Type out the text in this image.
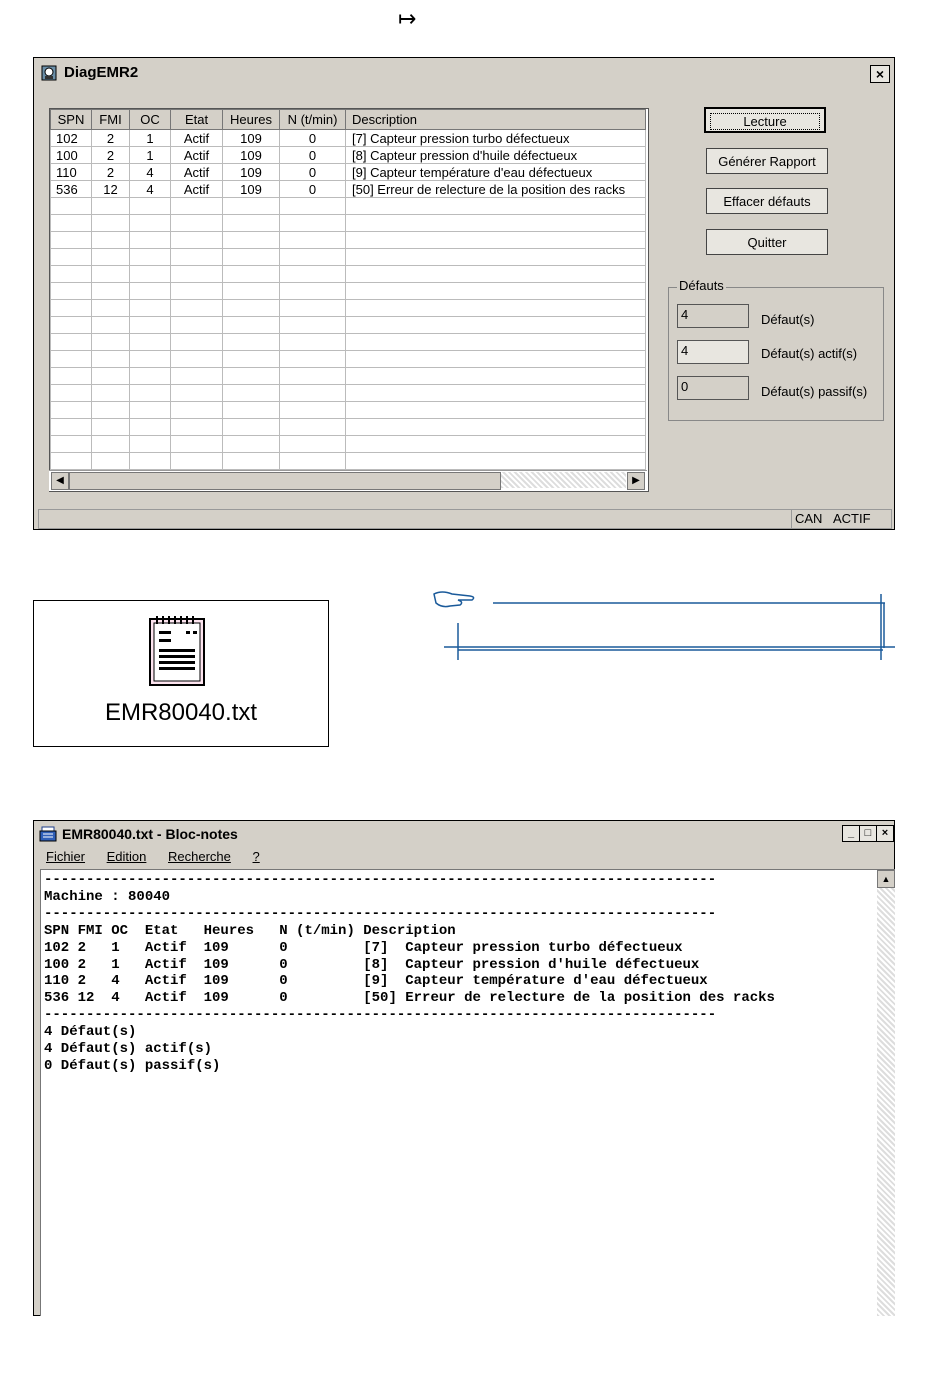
↦
DiagEMR2	×
SPN	FMI	OC	Etat	Heures	N (t/min)	Description
102	2	1	Actif	109	0	[7] Capteur pression turbo défectueux
100	2	1	Actif	109	0	[8] Capteur pression d'huile défectueux
110	2	4	Actif	109	0	[9] Capteur température d'eau défectueux
536	12	4	Actif	109	0	[50] Erreur de relecture de la position des racks

◀	▶
Lecture
Générer Rapport
Effacer défauts
Quitter
Défauts
4	Défaut(s)
4	Défaut(s) actif(s)
0	Défaut(s) passif(s)
CAN ACTIF
EMR80040.txt
EMR80040.txt - Bloc-notes	_ □ ×
Fichier Edition Recherche ?
--------------------------------------------------------------------------------
Machine : 80040
--------------------------------------------------------------------------------
SPN FMI OC  Etat   Heures   N (t/min) Description
102 2   1   Actif  109      0         [7]  Capteur pression turbo défectueux
100 2   1   Actif  109      0         [8]  Capteur pression d'huile défectueux
110 2   4   Actif  109      0         [9]  Capteur température d'eau défectueux
536 12  4   Actif  109      0         [50] Erreur de relecture de la position des racks
--------------------------------------------------------------------------------
4 Défaut(s)
4 Défaut(s) actif(s)
0 Défaut(s) passif(s)
▲
